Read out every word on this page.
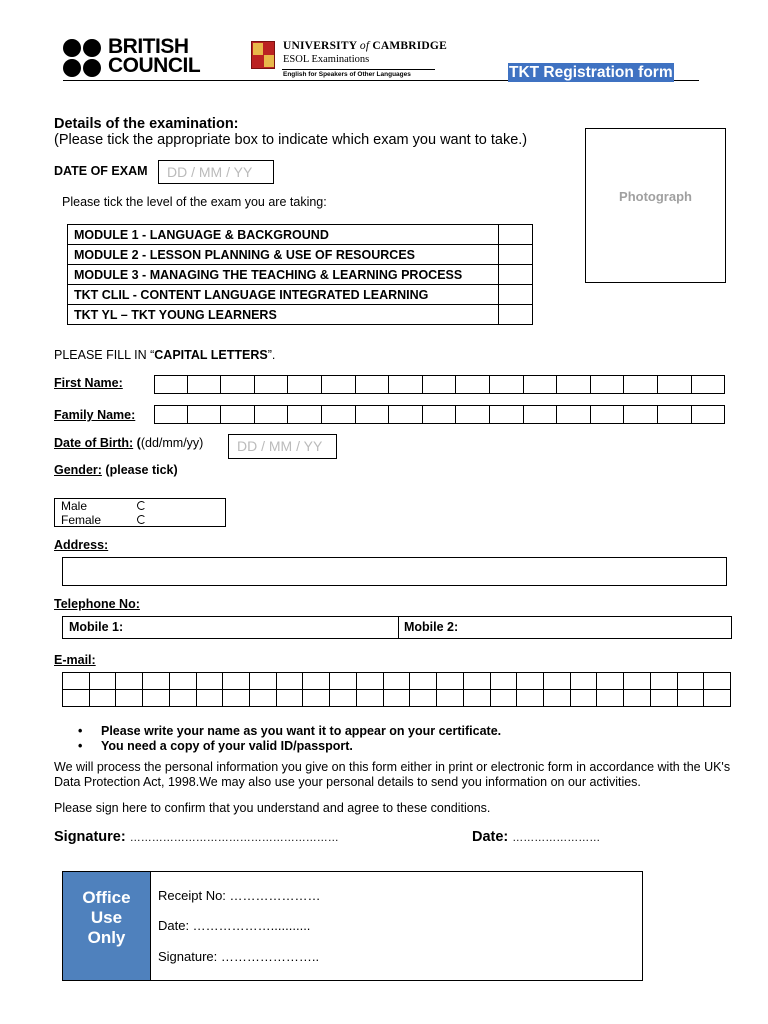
BRITISH
COUNCIL
UNIVERSITY of CAMBRIDGE
ESOL Examinations
English for Speakers of Other Languages	TKT Registration form
Details of the examination:
(Please tick the appropriate box to indicate which exam you want to take.)
DATE OF EXAM	DD / MM / YY
Photograph
Please tick the level of the exam you are taking:
MODULE 1 - LANGUAGE & BACKGROUND	
MODULE 2 - LESSON PLANNING & USE OF RESOURCES	
MODULE 3 - MANAGING THE TEACHING & LEARNING PROCESS	
TKT CLIL - CONTENT LANGUAGE INTEGRATED LEARNING	
TKT YL – TKT YOUNG LEARNERS	
PLEASE FILL IN “CAPITAL LETTERS”.
First Name:
Family Name:
Date of Birth: ((dd/mm/yy)	DD / MM / YY
Gender: (please tick)
Male
Female
Address:
Telephone No:
Mobile 1:	Mobile 2:
E-mail:
• Please write your name as you want it to appear on your certificate.
• You need a copy of your valid ID/passport.
We will process the personal information you give on this form either in print or electronic form in accordance with the UK's Data Protection Act, 1998.We may also use your personal details to send you information on our activities.
Please sign here to confirm that you understand and agree to these conditions.
Signature: …………………………………………………	Date: ……………………
Office
Use
Only
Receipt No: …………………
Date: ………………...........
Signature: …………………..
